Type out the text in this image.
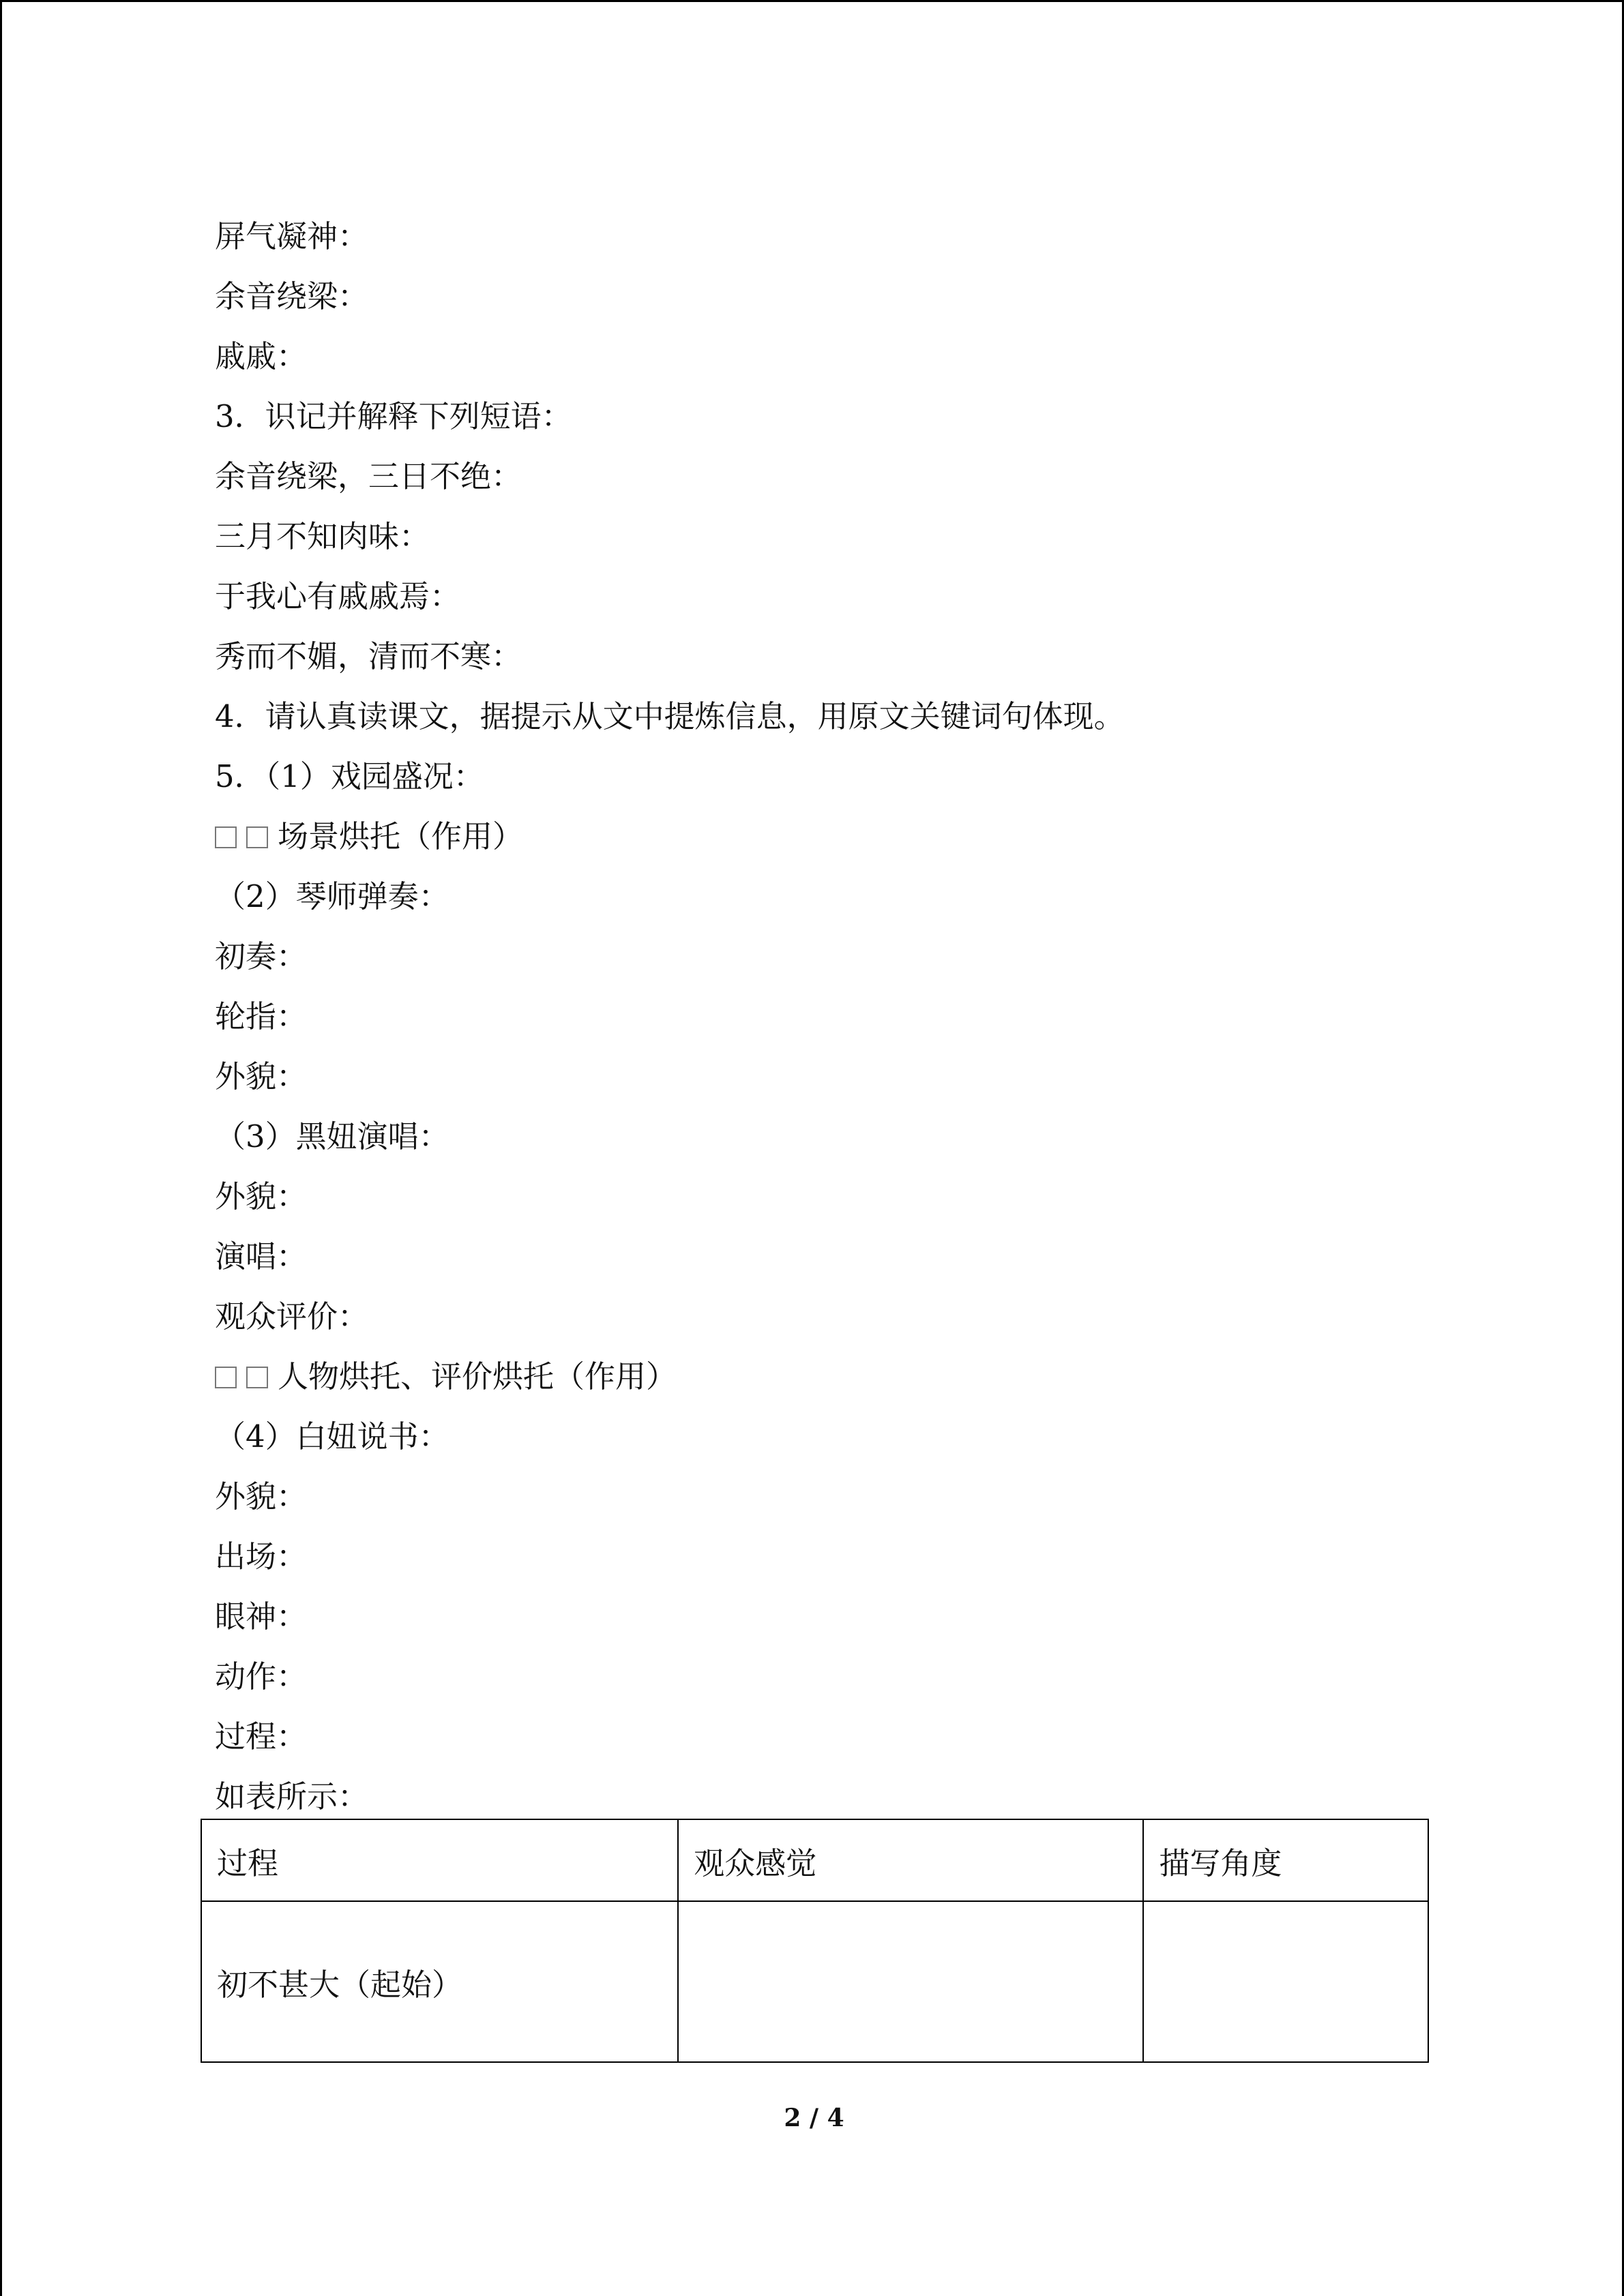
屏气凝神：
余音绕梁：
戚戚：
3．识记并解释下列短语：
余音绕梁，三日不绝：
三月不知肉味：
于我心有戚戚焉：
秀而不媚，清而不寒：
4．请认真读课文，据提示从文中提炼信息，用原文关键词句体现。
5．（1）戏园盛况：
场景烘托（作用）
（2）琴师弹奏：
初奏：
轮指：
外貌：
（3）黑妞演唱：
外貌：
演唱：
观众评价：
人物烘托、评价烘托（作用）
（4）白妞说书：
外貌：
出场：
眼神：
动作：
过程：
如表所示：
过程	观众感觉	描写角度
初不甚大（起始）		
2 / 4
